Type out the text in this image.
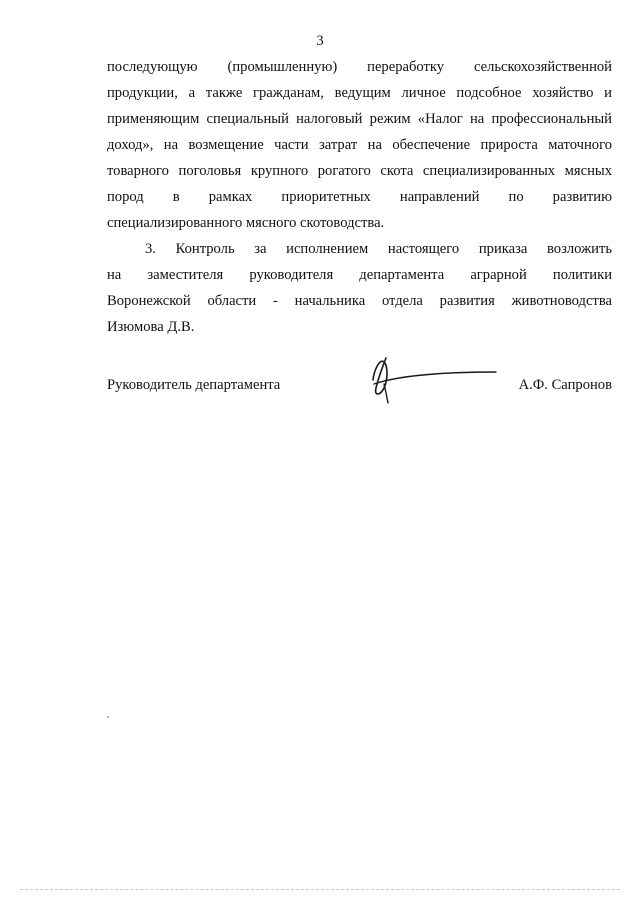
3
последующую (промышленную) переработку сельскохозяйственной
продукции, а также гражданам, ведущим личное подсобное хозяйство и
применяющим специальный налоговый режим «Налог на профессиональный
доход», на возмещение части затрат на обеспечение прироста маточного
товарного поголовья крупного рогатого скота специализированных мясных
пород в рамках приоритетных направлений по развитию
специализированного мясного скотоводства.
3. Контроль за исполнением настоящего приказа возложить
на заместителя руководителя департамента аграрной политики
Воронежской области - начальника отдела развития животноводства
Изюмова Д.В.
Руководитель департамента	А.Ф. Сапронов
